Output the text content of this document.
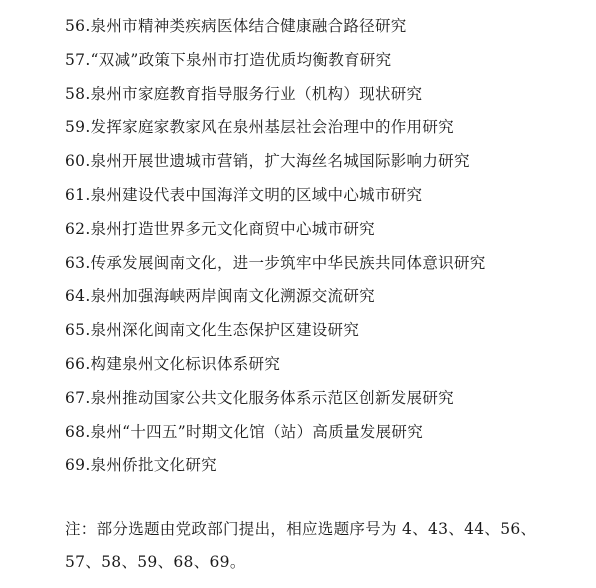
56.泉州市精神类疾病医体结合健康融合路径研究
57.“双减”政策下泉州市打造优质均衡教育研究
58.泉州市家庭教育指导服务行业（机构）现状研究
59.发挥家庭家教家风在泉州基层社会治理中的作用研究
60.泉州开展世遗城市营销，扩大海丝名城国际影响力研究
61.泉州建设代表中国海洋文明的区域中心城市研究
62.泉州打造世界多元文化商贸中心城市研究
63.传承发展闽南文化，进一步筑牢中华民族共同体意识研究
64.泉州加强海峡两岸闽南文化溯源交流研究
65.泉州深化闽南文化生态保护区建设研究
66.构建泉州文化标识体系研究
67.泉州推动国家公共文化服务体系示范区创新发展研究
68.泉州“十四五”时期文化馆（站）高质量发展研究
69.泉州侨批文化研究

注：部分选题由党政部门提出，相应选题序号为 4、43、44、56、
57、58、59、68、69。
